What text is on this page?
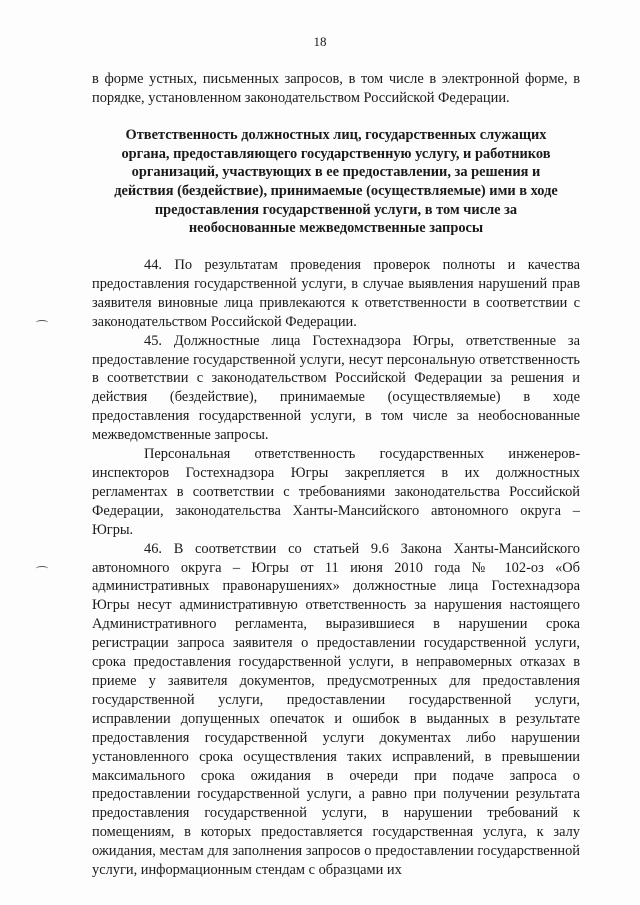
18

в форме устных, письменных запросов, в том числе в электронной форме, в порядке, установленном законодательством Российской Федерации.

Ответственность должностных лиц, государственных служащих органа, предоставляющего государственную услугу, и работников организаций, участвующих в ее предоставлении, за решения и действия (бездействие), принимаемые (осуществляемые) ими в ходе предоставления государственной услуги, в том числе за необоснованные межведомственные запросы

44. По результатам проведения проверок полноты и качества предоставления государственной услуги, в случае выявления нарушений прав заявителя виновные лица привлекаются к ответственности в соответствии с законодательством Российской Федерации.

45. Должностные лица Гостехнадзора Югры, ответственные за предоставление государственной услуги, несут персональную ответственность в соответствии с законодательством Российской Федерации за решения и действия (бездействие), принимаемые (осуществляемые) в ходе предоставления государственной услуги, в том числе за необоснованные межведомственные запросы.

Персональная ответственность государственных инженеров-инспекторов Гостехнадзора Югры закрепляется в их должностных регламентах в соответствии с требованиями законодательства Российской Федерации, законодательства Ханты-Мансийского автономного округа – Югры.

46. В соответствии со статьей 9.6 Закона Ханты-Мансийского автономного округа – Югры от 11 июня 2010 года № 102-оз «Об административных правонарушениях» должностные лица Гостехнадзора Югры несут административную ответственность за нарушения настоящего Административного регламента, выразившиеся в нарушении срока регистрации запроса заявителя о предоставлении государственной услуги, срока предоставления государственной услуги, в неправомерных отказах в приеме у заявителя документов, предусмотренных для предоставления государственной услуги, предоставлении государственной услуги, исправлении допущенных опечаток и ошибок в выданных в результате предоставления государственной услуги документах либо нарушении установленного срока осуществления таких исправлений, в превышении максимального срока ожидания в очереди при подаче запроса о предоставлении государственной услуги, а равно при получении результата предоставления государственной услуги, в нарушении требований к помещениям, в которых предоставляется государственная услуга, к залу ожидания, местам для заполнения запросов о предоставлении государственной услуги, информационным стендам с образцами их
